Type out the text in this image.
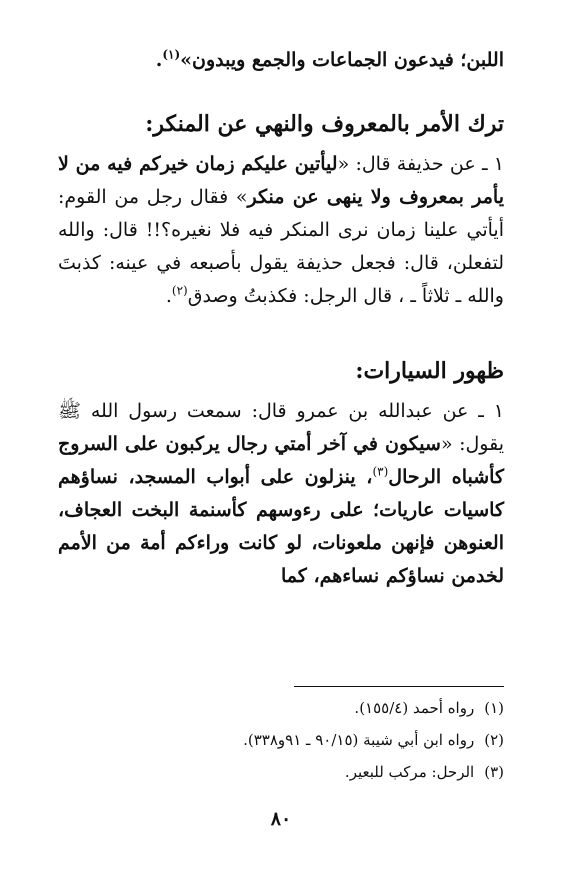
اللبن؛ فيدعون الجماعات والجمع ويبدون»$^{(١)}$.

ترك الأمر بالمعروف والنهي عن المنكر:

١ ـ عن حذيفة قال: «ليأتين عليكم زمان خيركم فيه من لا يأمر بمعروف ولا ينهى عن منكر» فقال رجل من القوم: أيأتي علينا زمان نرى المنكر فيه فلا نغيره؟!! قال: والله لتفعلن، قال: فجعل حذيفة يقول بأصبعه في عينه: كذبتَ والله ـ ثلاثاً ـ ، قال الرجل: فكذبتُ وصدق$^{(٢)}$.

ظهور السيارات:

١ ـ عن عبدالله بن عمرو قال: سمعت رسول الله ﷺ يقول: «سيكون في آخر أمتي رجال يركبون على السروج كأشباه الرحال$^{(٣)}$، ينزلون على أبواب المسجد، نساؤهم كاسيات عاريات؛ على رءوسهم كأسنمة البخت العجاف، العنوهن فإنهن ملعونات، لو كانت وراءكم أمة من الأمم لخدمن نساؤكم نساءهم، كما

(١)رواه أحمد (١٥٥/٤).

(٢)رواه ابن أبي شيبة (٩٠/١٥ ـ ٩١و٣٣٨).

(٣)الرحل: مركب للبعير.

٨٠
